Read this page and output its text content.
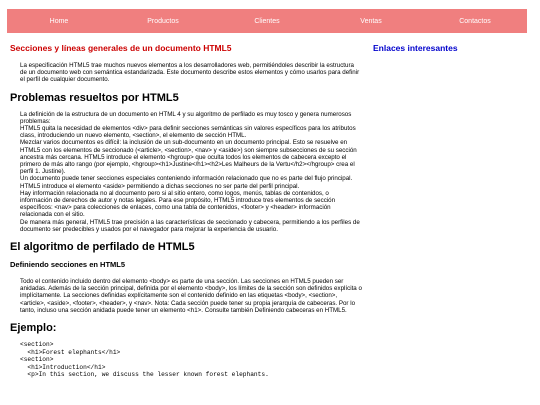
Home	Productos	Clientes	Ventas	Contactos
Secciones y líneas generales de un documento HTML5
La especificación HTML5 trae muchos nuevos elementos a los desarrolladores web, permitiéndoles describir la estructura de un documento web con semántica estandarizada. Este documento describe estos elementos y cómo usarlos para definir el perfil de cualquier documento.
Problemas resueltos por HTML5
La definición de la estructura de un documento en HTML 4 y su algoritmo de perfilado es muy tosco y genera numerosos problemas:
HTML5 quita la necesidad de elementos <div> para definir secciones semánticas sin valores específicos para los atributos class, introduciendo un nuevo elemento, <section>, el elemento de sección HTML.
Mezclar varios documentos es difícil: la inclusión de un sub-documento en un documento principal. Esto se resuelve en HTML5 con los elementos de seccionado (<article>, <section>, <nav> y <aside>) son siempre subsecciones de su sección ancestra más cercana. HTML5 introduce el elemento <hgroup> que oculta todos los elementos de cabecera excepto el primero de más alto rango (por ejemplo, <hgroup><h1>Justine</h1><h2>Les Malheurs de la Vertu</h2></hgroup> crea el perfil 1. Justine).
Un documento puede tener secciones especiales conteniendo información relacionado que no es parte del flujo principal. HTML5 introduce el elemento <aside> permitiendo a dichas secciones no ser parte del perfil principal.
Hay información relacionada no al documento pero si al sitio entero, como logos, menús, tablas de contenidos, o información de derechos de autor y notas legales. Para ese propósito, HTML5 introduce tres elementos de sección específicos: <nav> para colecciones de enlaces, como una tabla de contenidos, <footer> y <header> información relacionada con el sitio.
De manera más general, HTML5 trae precisión a las características de seccionado y cabecera, permitiendo a los perfiles de documento ser predecibles y usados por el navegador para mejorar la experiencia de usuario.
El algoritmo de perfilado de HTML5
Definiendo secciones en HTML5
Todo el contenido incluido dentro del elemento <body> es parte de una sección. Las secciones en HTML5 pueden ser anidadas. Además de la sección principal, definida por el elemento <body>, los límites de la sección son definidos explícita o implícitamente. La secciones definidas explícitamente son el contenido definido en las etiquetas <body>, <section>, <article>, <aside>, <footer>, <header>, y <nav>. Nota: Cada sección puede tener su propia jerarquía de cabeceras. Por lo tanto, incluso una sección anidada puede tener un elemento <h1>. Consulte también Definiendo cabeceras en HTML5.
Ejemplo:
<section>
<h1>Forest elephants</h1>
<section>
<h1>Introduction</h1>
<p>In this section, we discuss the lesser known forest elephants.
Enlaces interesantes
